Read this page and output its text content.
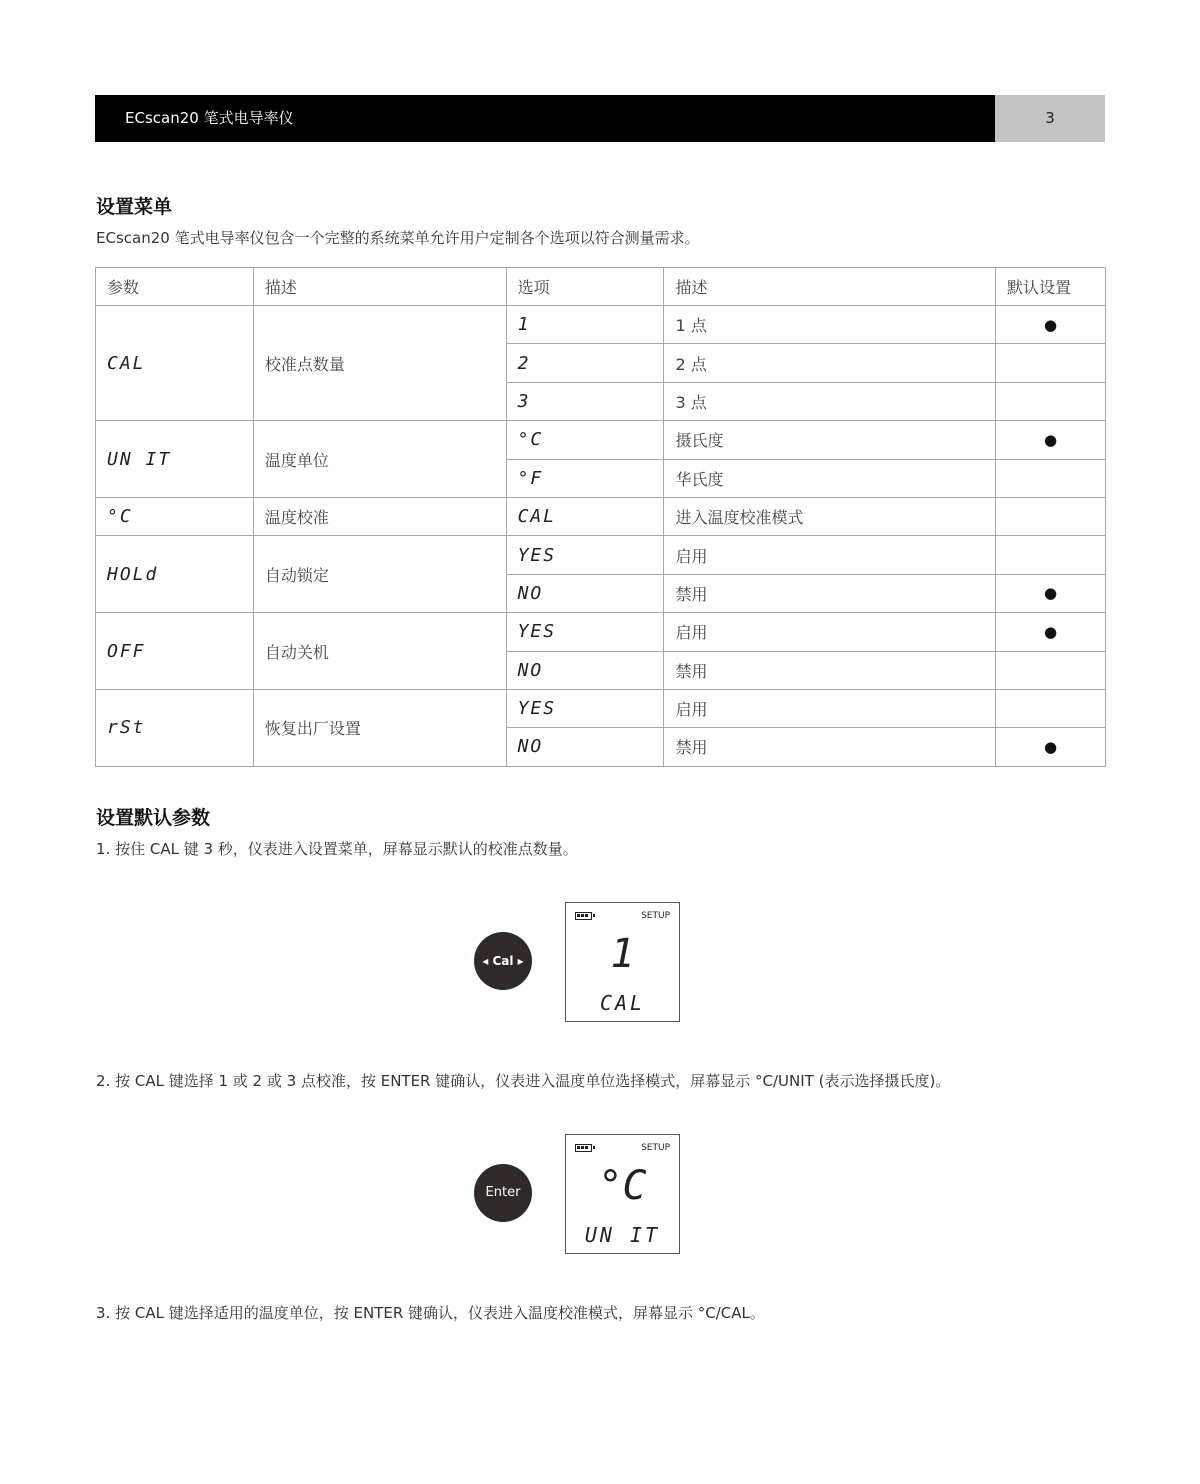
ECscan20 笔式电导率仪	3
设置菜单
ECscan20 笔式电导率仪包含一个完整的系统菜单允许用户定制各个选项以符合测量需求。
参数	描述	选项	描述	默认设置
CAL	校准点数量	1	1 点	●
		2	2 点	
		3	3 点	
UN IT	温度单位	°C	摄氏度	●
		°F	华氏度	
°C	温度校准	CAL	进入温度校准模式	
HOLd	自动锁定	YES	启用	
		NO	禁用	●
OFF	自动关机	YES	启用	●
		NO	禁用	
rSt	恢复出厂设置	YES	启用	
		NO	禁用	●
设置默认参数
1. 按住 CAL 键 3 秒，仪表进入设置菜单，屏幕显示默认的校准点数量。
◂ Cal ▸
SETUP
1
CAL
2. 按 CAL 键选择 1 或 2 或 3 点校准，按 ENTER 键确认，仪表进入温度单位选择模式，屏幕显示 °C/UNIT (表示选择摄氏度)。
Enter
SETUP
°C
UN IT
3. 按 CAL 键选择适用的温度单位，按 ENTER 键确认，仪表进入温度校准模式，屏幕显示 °C/CAL。
